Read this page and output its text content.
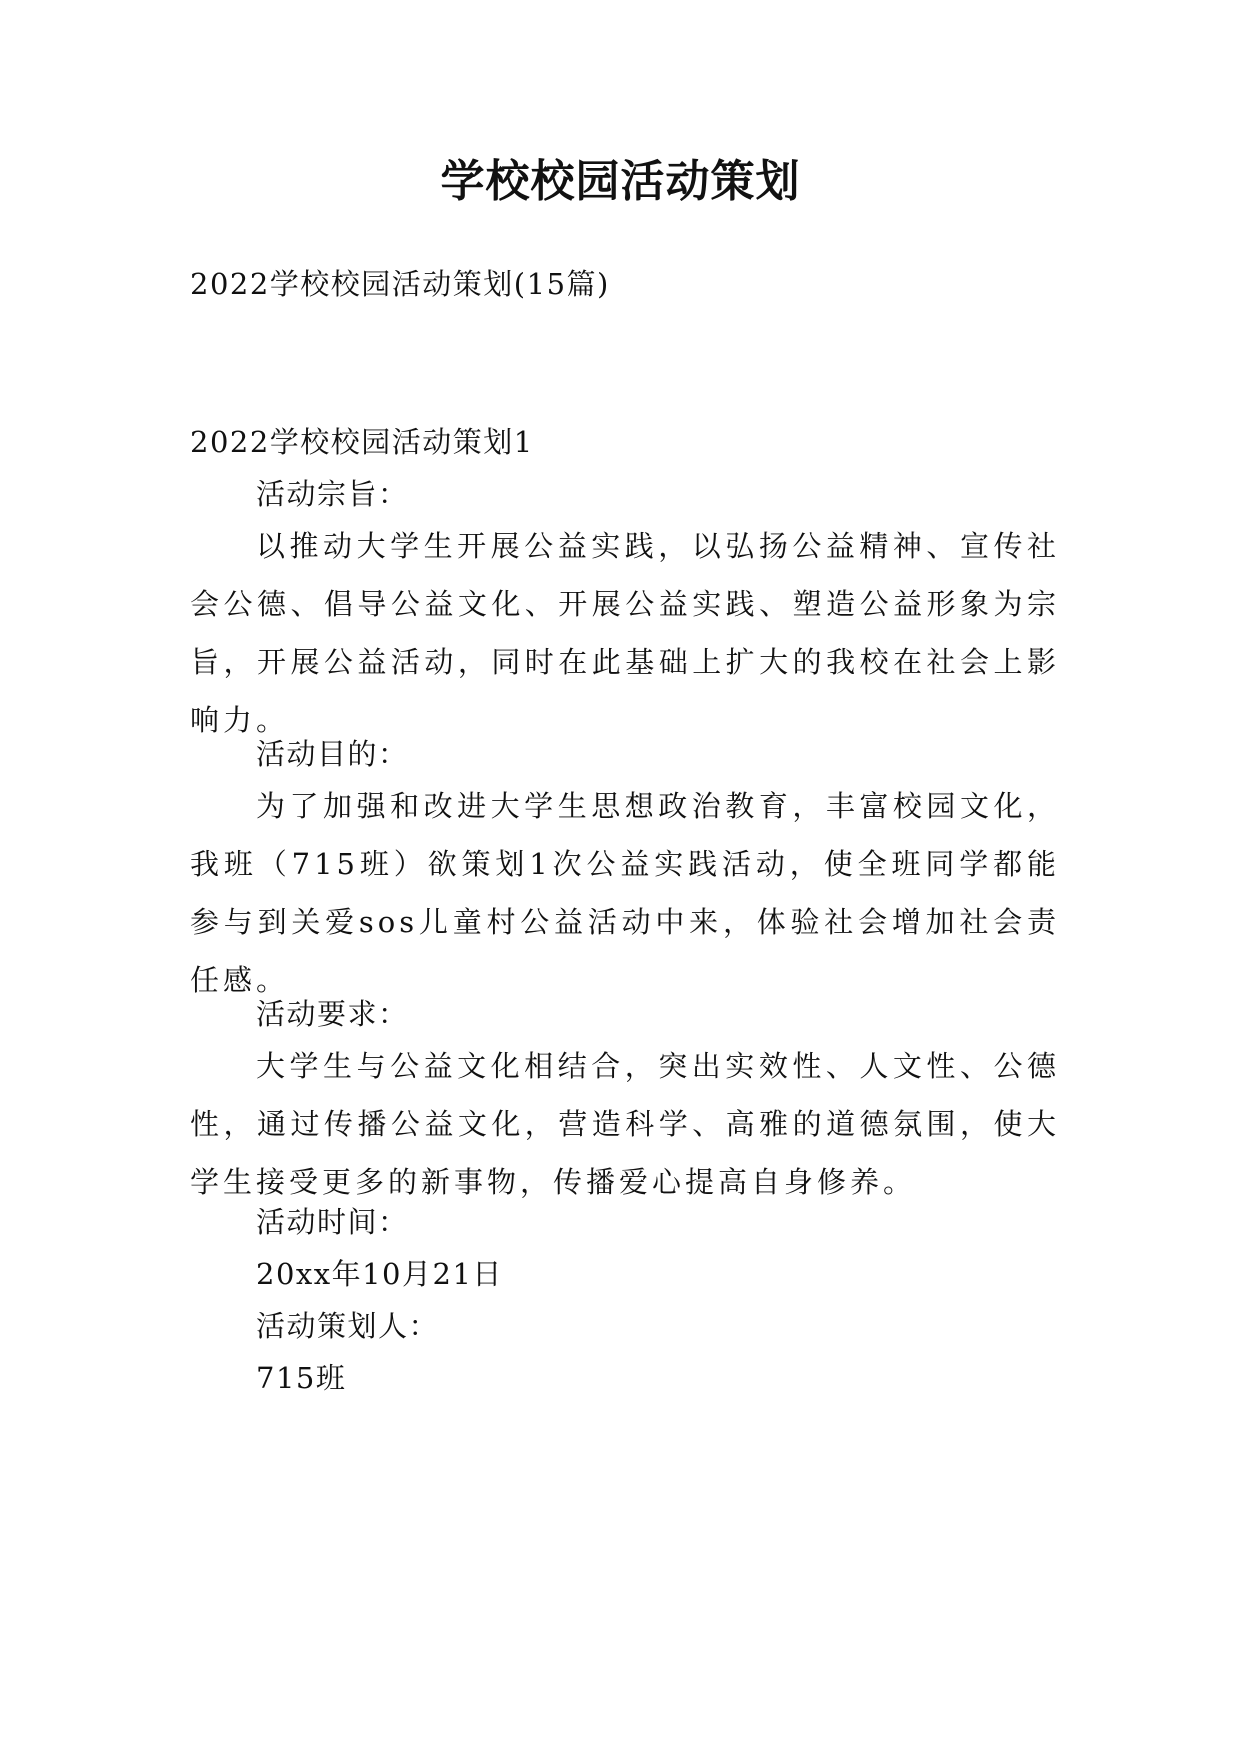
学校校园活动策划

2022学校校园活动策划(15篇)

2022学校校园活动策划1

活动宗旨：

以推动大学生开展公益实践，以弘扬公益精神、宣传社会公德、倡导公益文化、开展公益实践、塑造公益形象为宗旨，开展公益活动，同时在此基础上扩大的我校在社会上影响力。

活动目的：

为了加强和改进大学生思想政治教育，丰富校园文化，我班（715班）欲策划1次公益实践活动，使全班同学都能参与到关爱sos儿童村公益活动中来，体验社会增加社会责任感。

活动要求：

大学生与公益文化相结合，突出实效性、人文性、公德性，通过传播公益文化，营造科学、高雅的道德氛围，使大学生接受更多的新事物，传播爱心提高自身修养。

活动时间：

20xx年10月21日

活动策划人：

715班
